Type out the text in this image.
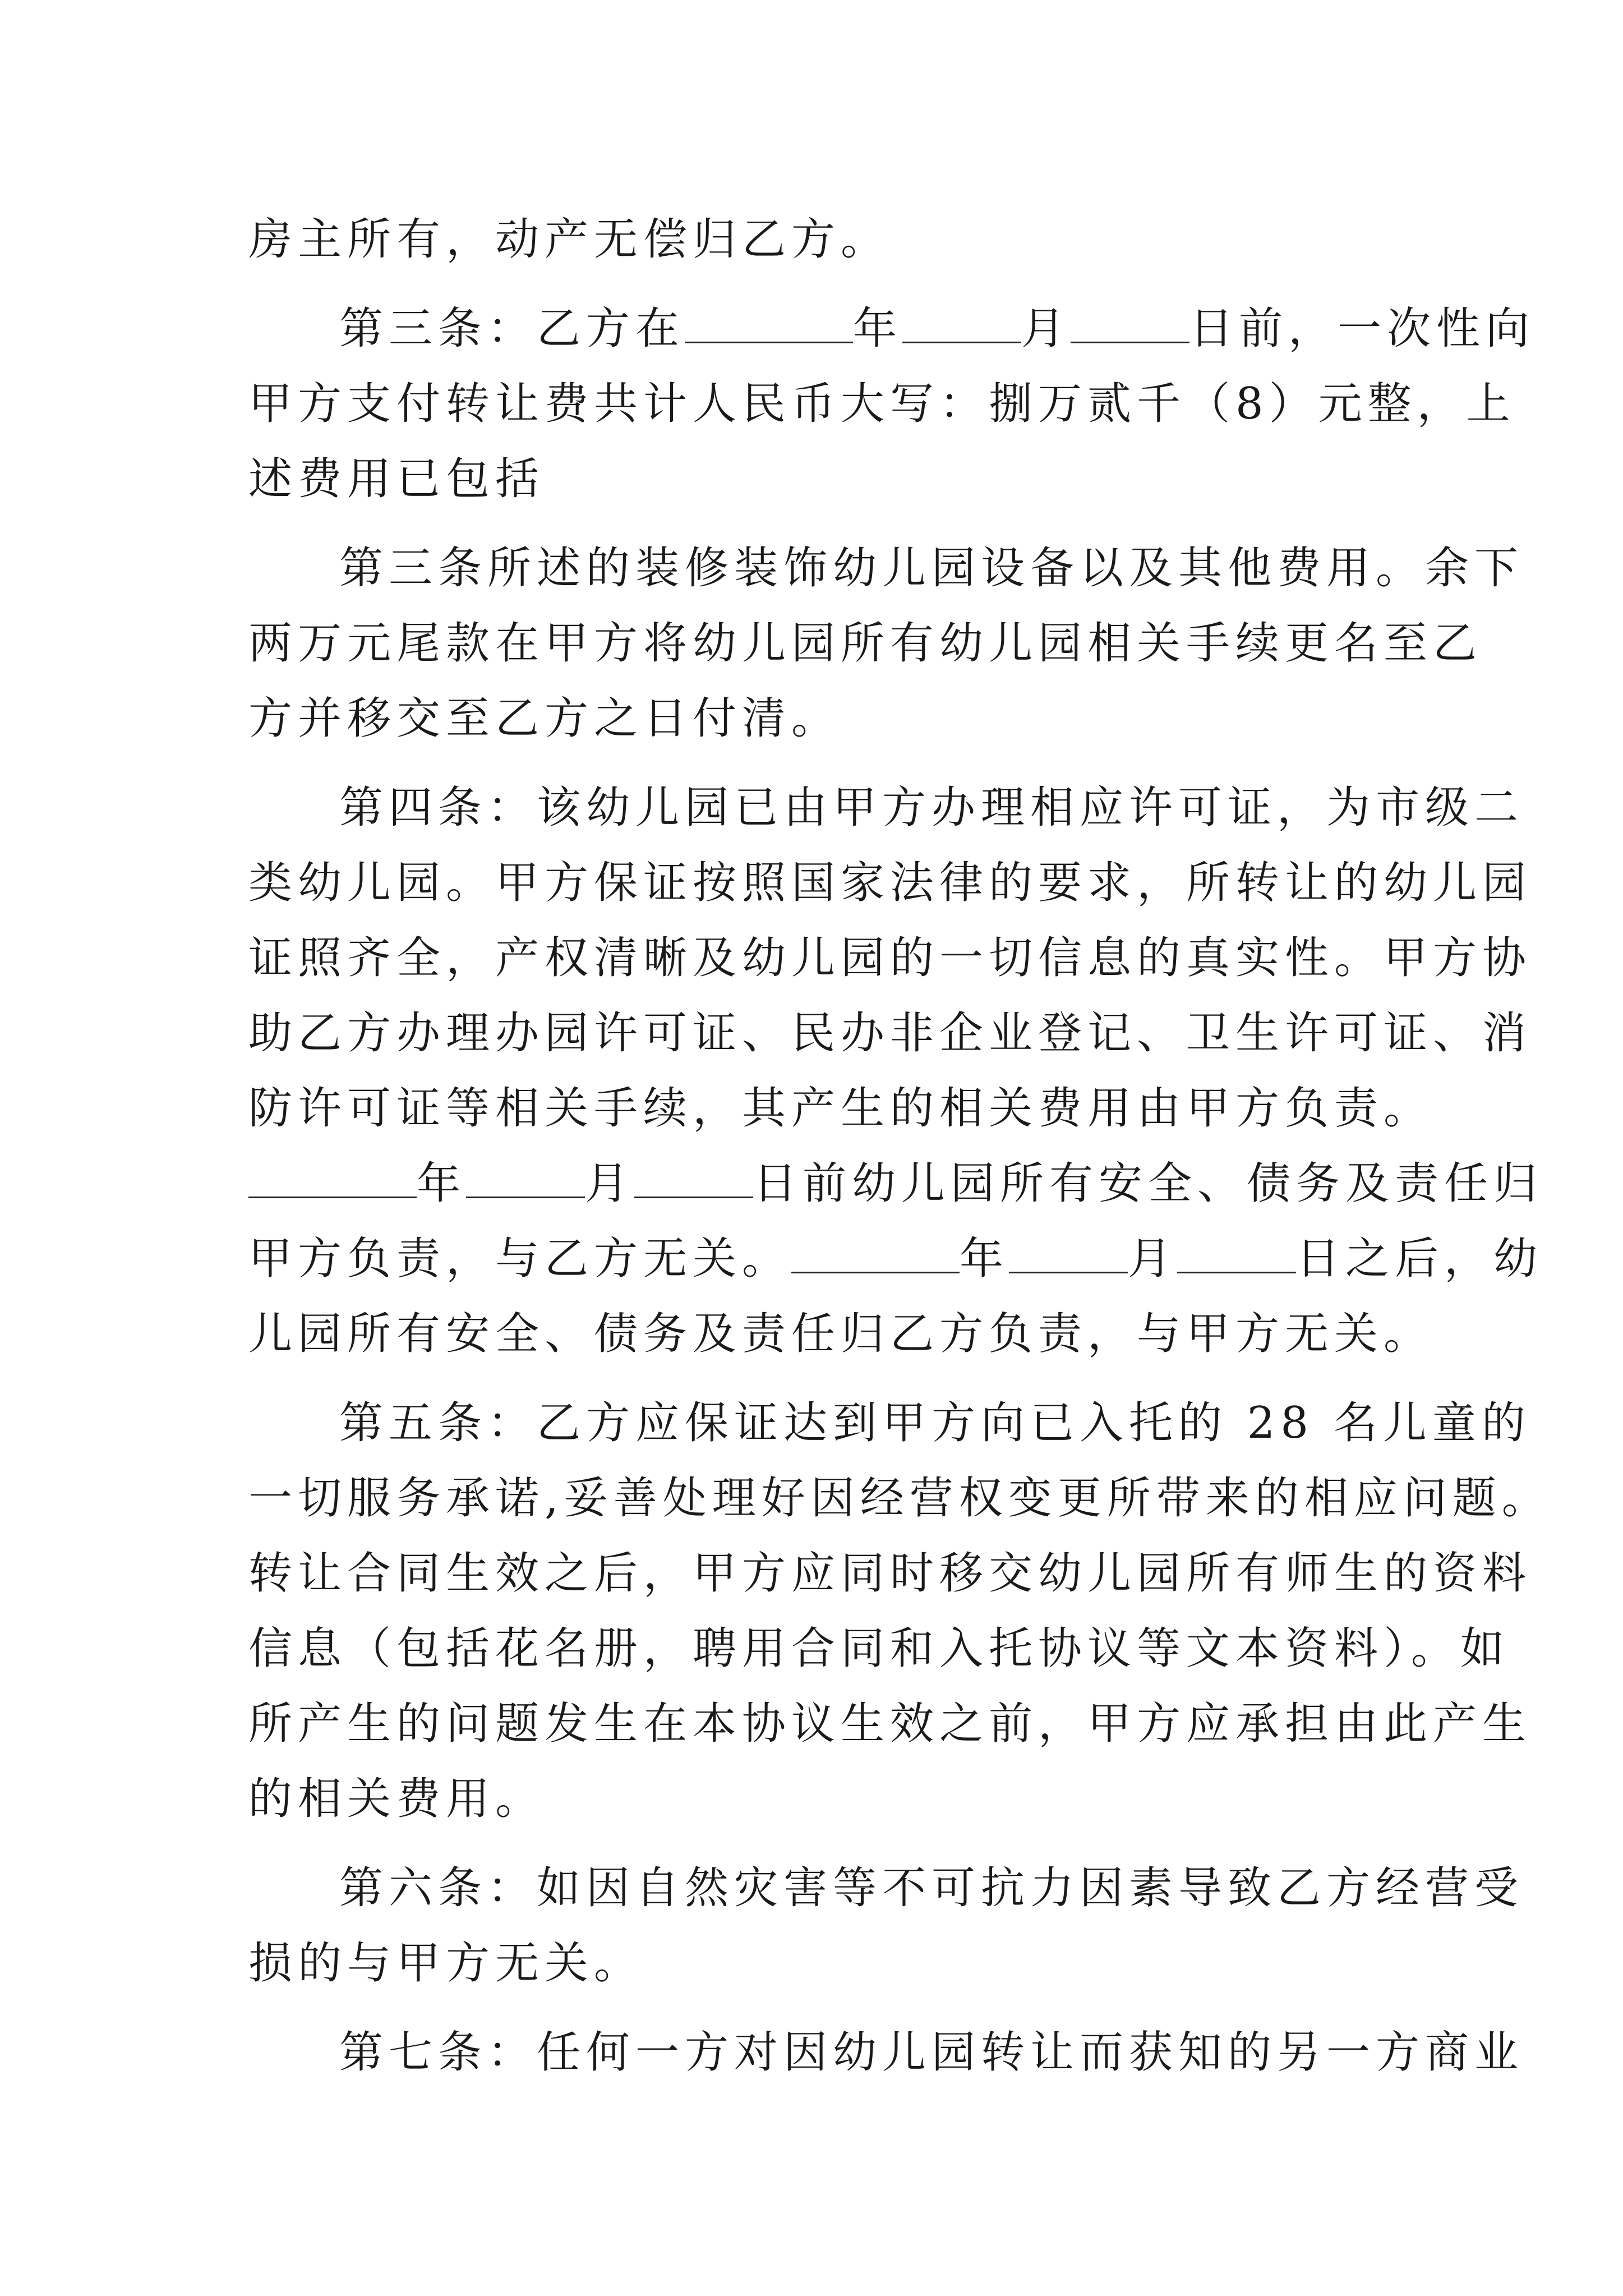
房主所有，动产无偿归乙方。
第三条：乙方在	年	月	日前，一次性向
甲方支付转让费共计人民币大写：捌万贰千（8）元整，上
述费用已包括
第三条所述的装修装饰幼儿园设备以及其他费用。余下
两万元尾款在甲方将幼儿园所有幼儿园相关手续更名至乙
方并移交至乙方之日付清。
第四条：该幼儿园已由甲方办理相应许可证，为市级二
类幼儿园。甲方保证按照国家法律的要求，所转让的幼儿园
证照齐全，产权清晰及幼儿园的一切信息的真实性。甲方协
助乙方办理办园许可证、民办非企业登记、卫生许可证、消
防许可证等相关手续，其产生的相关费用由甲方负责。
年	月	日前幼儿园所有安全、债务及责任归
甲方负责，与乙方无关。	年	月	日之后，幼
儿园所有安全、债务及责任归乙方负责，与甲方无关。
第五条：乙方应保证达到甲方向已入托的 28 名儿童的
一切服务承诺,妥善处理好因经营权变更所带来的相应问题。
转让合同生效之后，甲方应同时移交幼儿园所有师生的资料
信息（包括花名册，聘用合同和入托协议等文本资料）。如
所产生的问题发生在本协议生效之前，甲方应承担由此产生
的相关费用。
第六条：如因自然灾害等不可抗力因素导致乙方经营受
损的与甲方无关。
第七条：任何一方对因幼儿园转让而获知的另一方商业
